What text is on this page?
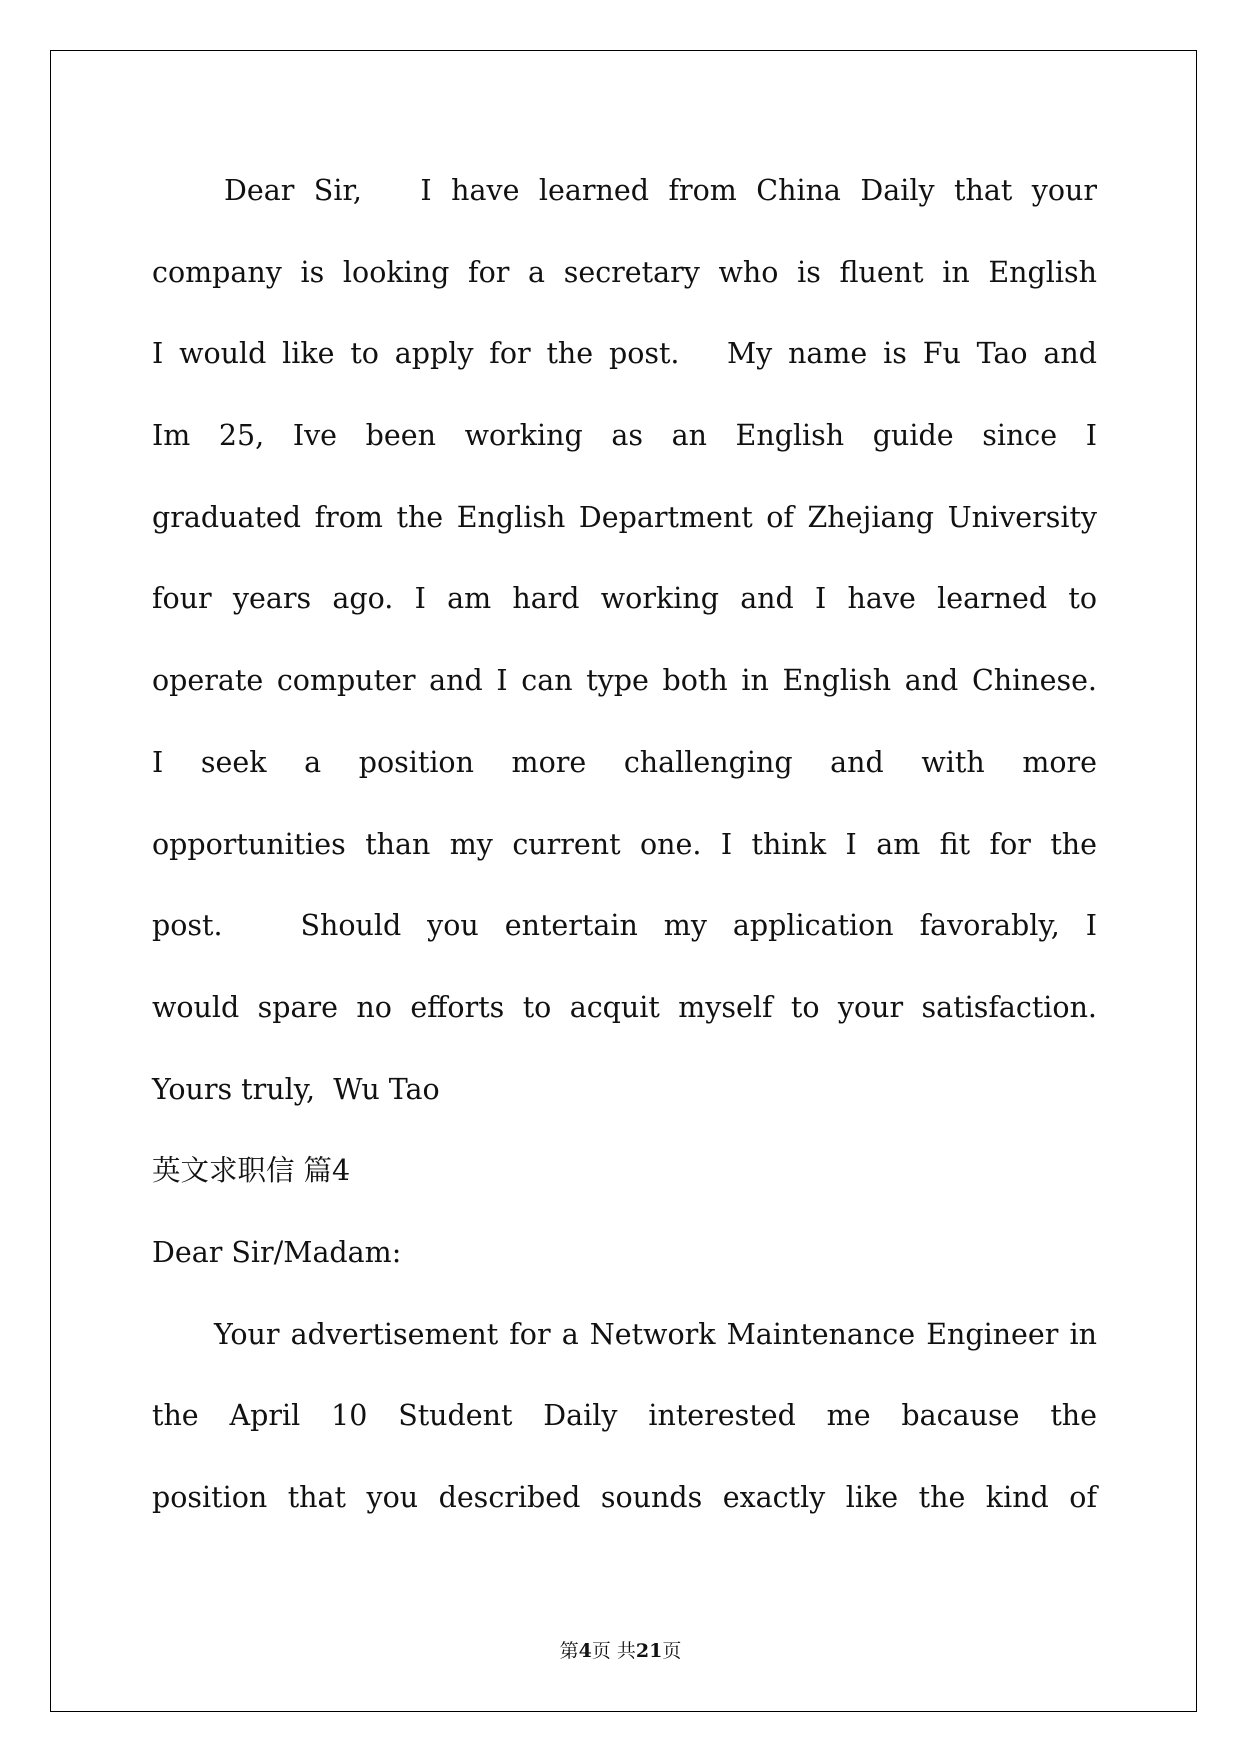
Dear Sir,   I have learned from China Daily that your
company is looking for a secretary who is fluent in English
I would like to apply for the post.   My name is Fu Tao and
Im 25, Ive been working as an English guide since I
graduated from the English Department of Zhejiang University
four years ago. I am hard working and I have learned to
operate computer and I can type both in English and Chinese.
I seek a position more challenging and with more
opportunities than my current one. I think I am fit for the
post.   Should you entertain my application favorably, I
would spare no efforts to acquit myself to your satisfaction.
Yours truly,  Wu Tao
英文求职信 篇4
Dear Sir/Madam:
Your advertisement for a Network Maintenance Engineer in
the April 10 Student Daily interested me bacause the
position that you described sounds exactly like the kind of
第4页 共21页
